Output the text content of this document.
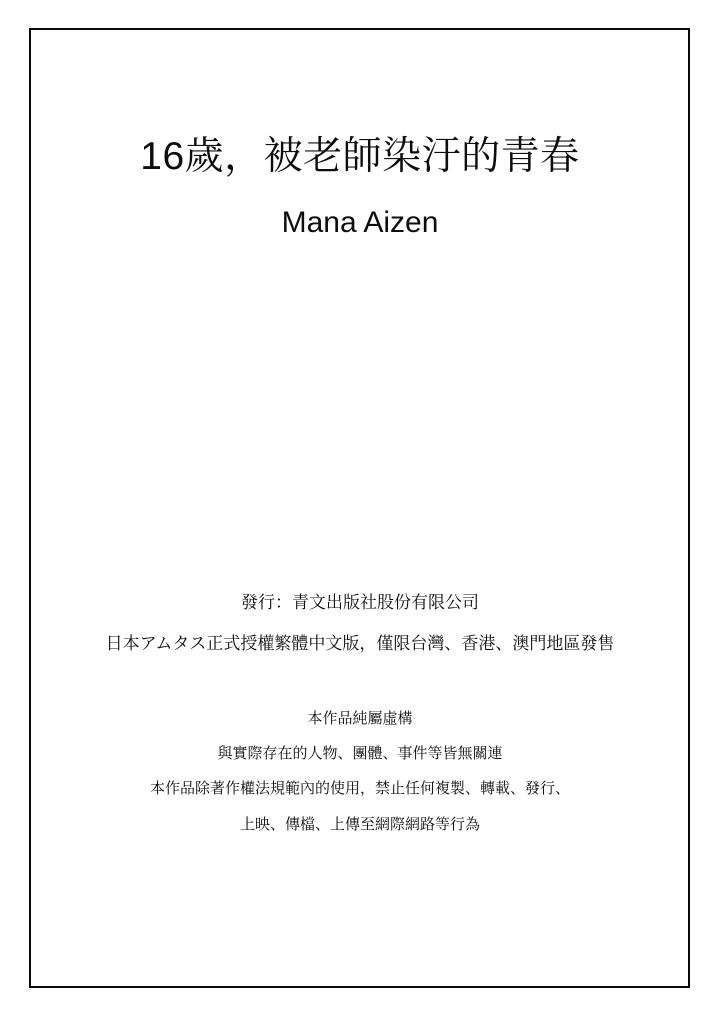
16歲，被老師染汙的青春
Mana Aizen
發行：青文出版社股份有限公司
日本アムタス正式授權繁體中文版，僅限台灣、香港、澳門地區發售
本作品純屬虛構
與實際存在的人物、團體、事件等皆無關連
本作品除著作權法規範內的使用，禁止任何複製、轉載、發行、
上映、傳檔、上傳至網際網路等行為
